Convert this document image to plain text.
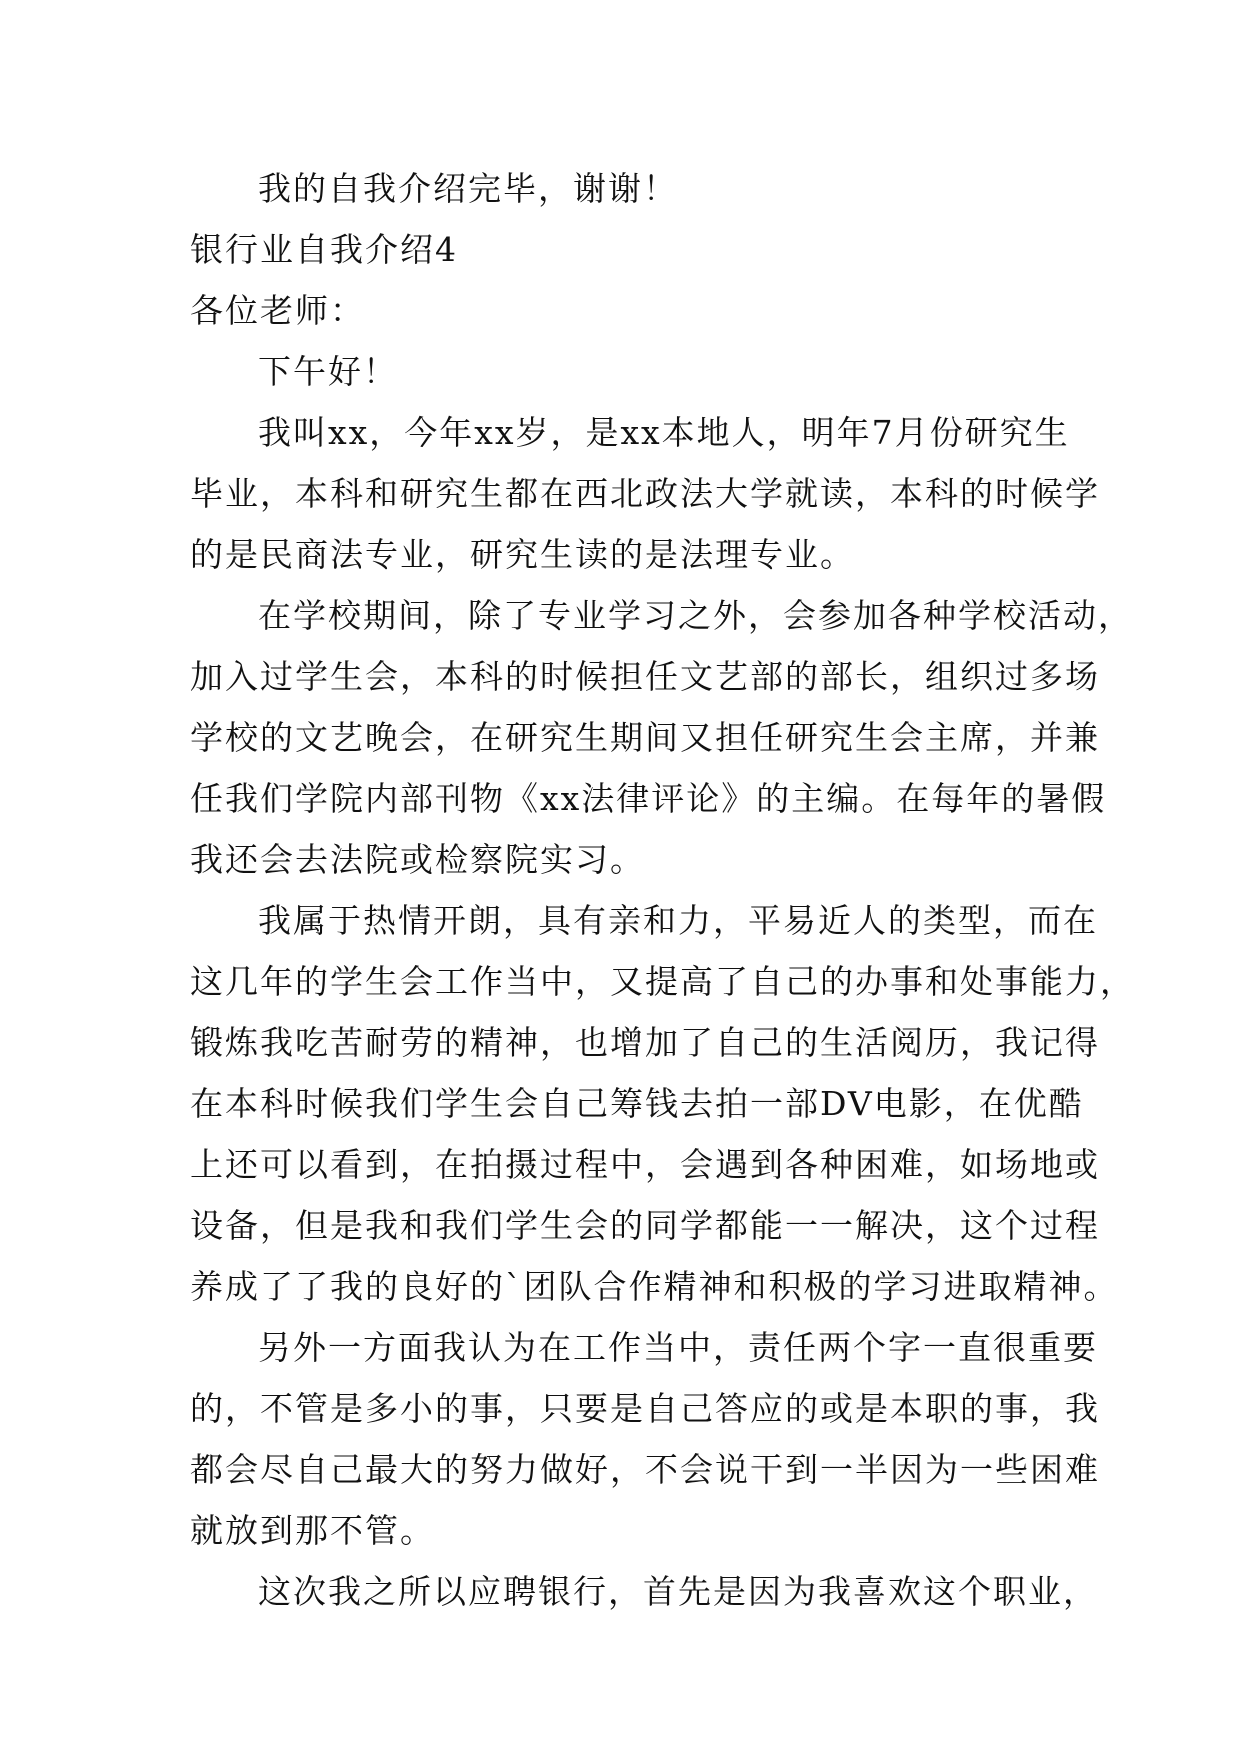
我的自我介绍完毕，谢谢！
银行业自我介绍4
各位老师：
下午好！
我叫xx，今年xx岁，是xx本地人，明年7月份研究生
毕业，本科和研究生都在西北政法大学就读，本科的时候学
的是民商法专业，研究生读的是法理专业。
在学校期间，除了专业学习之外，会参加各种学校活动，
加入过学生会，本科的时候担任文艺部的部长，组织过多场
学校的文艺晚会，在研究生期间又担任研究生会主席，并兼
任我们学院内部刊物《xx法律评论》的主编。在每年的暑假
我还会去法院或检察院实习。
我属于热情开朗，具有亲和力，平易近人的类型，而在
这几年的学生会工作当中，又提高了自己的办事和处事能力，
锻炼我吃苦耐劳的精神，也增加了自己的生活阅历，我记得
在本科时候我们学生会自己筹钱去拍一部DV电影，在优酷
上还可以看到，在拍摄过程中，会遇到各种困难，如场地或
设备，但是我和我们学生会的同学都能一一解决，这个过程
养成了了我的良好的`团队合作精神和积极的学习进取精神。
另外一方面我认为在工作当中，责任两个字一直很重要
的，不管是多小的事，只要是自己答应的或是本职的事，我
都会尽自己最大的努力做好，不会说干到一半因为一些困难
就放到那不管。
这次我之所以应聘银行，首先是因为我喜欢这个职业，
